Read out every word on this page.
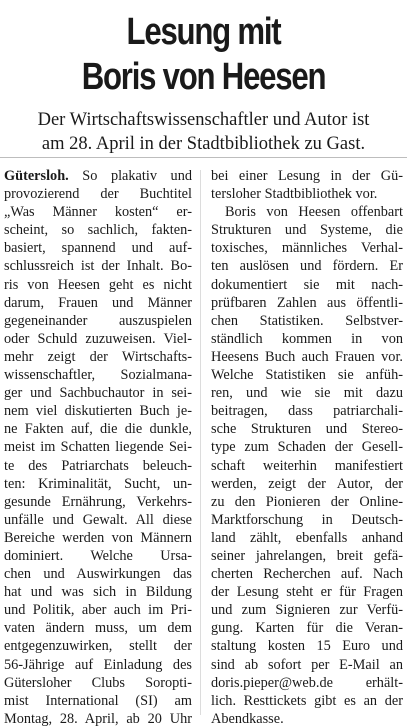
Lesung mit
Boris von Heesen
Der Wirtschaftswissenschaftler und Autor ist
am 28. April in der Stadtbibliothek zu Gast.
Gütersloh. So plakativ und
provozierend der Buchtitel
„Was Männer kosten“ er-
scheint, so sachlich, fakten-
basiert, spannend und auf-
schlussreich ist der Inhalt. Bo-
ris von Heesen geht es nicht
darum, Frauen und Männer
gegeneinander auszuspielen
oder Schuld zuzuweisen. Viel-
mehr zeigt der Wirtschafts-
wissenschaftler, Sozialmana-
ger und Sachbuchautor in sei-
nem viel diskutierten Buch je-
ne Fakten auf, die die dunkle,
meist im Schatten liegende Sei-
te des Patriarchats beleuch-
ten: Kriminalität, Sucht, un-
gesunde Ernährung, Verkehrs-
unfälle und Gewalt. All diese
Bereiche werden von Männern
dominiert. Welche Ursa-
chen und Auswirkungen das
hat und was sich in Bildung
und Politik, aber auch im Pri-
vaten ändern muss, um dem
entgegenzuwirken, stellt der
56-Jährige auf Einladung des
Gütersloher Clubs Soropti-
mist International (SI) am
Montag, 28. April, ab 20 Uhr
bei einer Lesung in der Gü-
tersloher Stadtbibliothek vor.
Boris von Heesen offenbart
Strukturen und Systeme, die
toxisches, männliches Verhal-
ten auslösen und fördern. Er
dokumentiert sie mit nach-
prüfbaren Zahlen aus öffentli-
chen Statistiken. Selbstver-
ständlich kommen in von
Heesens Buch auch Frauen vor.
Welche Statistiken sie anfüh-
ren, und wie sie mit dazu
beitragen, dass patriarchali-
sche Strukturen und Stereo-
type zum Schaden der Gesell-
schaft weiterhin manifestiert
werden, zeigt der Autor, der
zu den Pionieren der Online-
Marktforschung in Deutsch-
land zählt, ebenfalls anhand
seiner jahrelangen, breit gefä-
cherten Recherchen auf. Nach
der Lesung steht er für Fragen
und zum Signieren zur Verfü-
gung. Karten für die Veran-
staltung kosten 15 Euro und
sind ab sofort per E-Mail an
doris.pieper@web.de erhält-
lich. Resttickets gibt es an der
Abendkasse.
